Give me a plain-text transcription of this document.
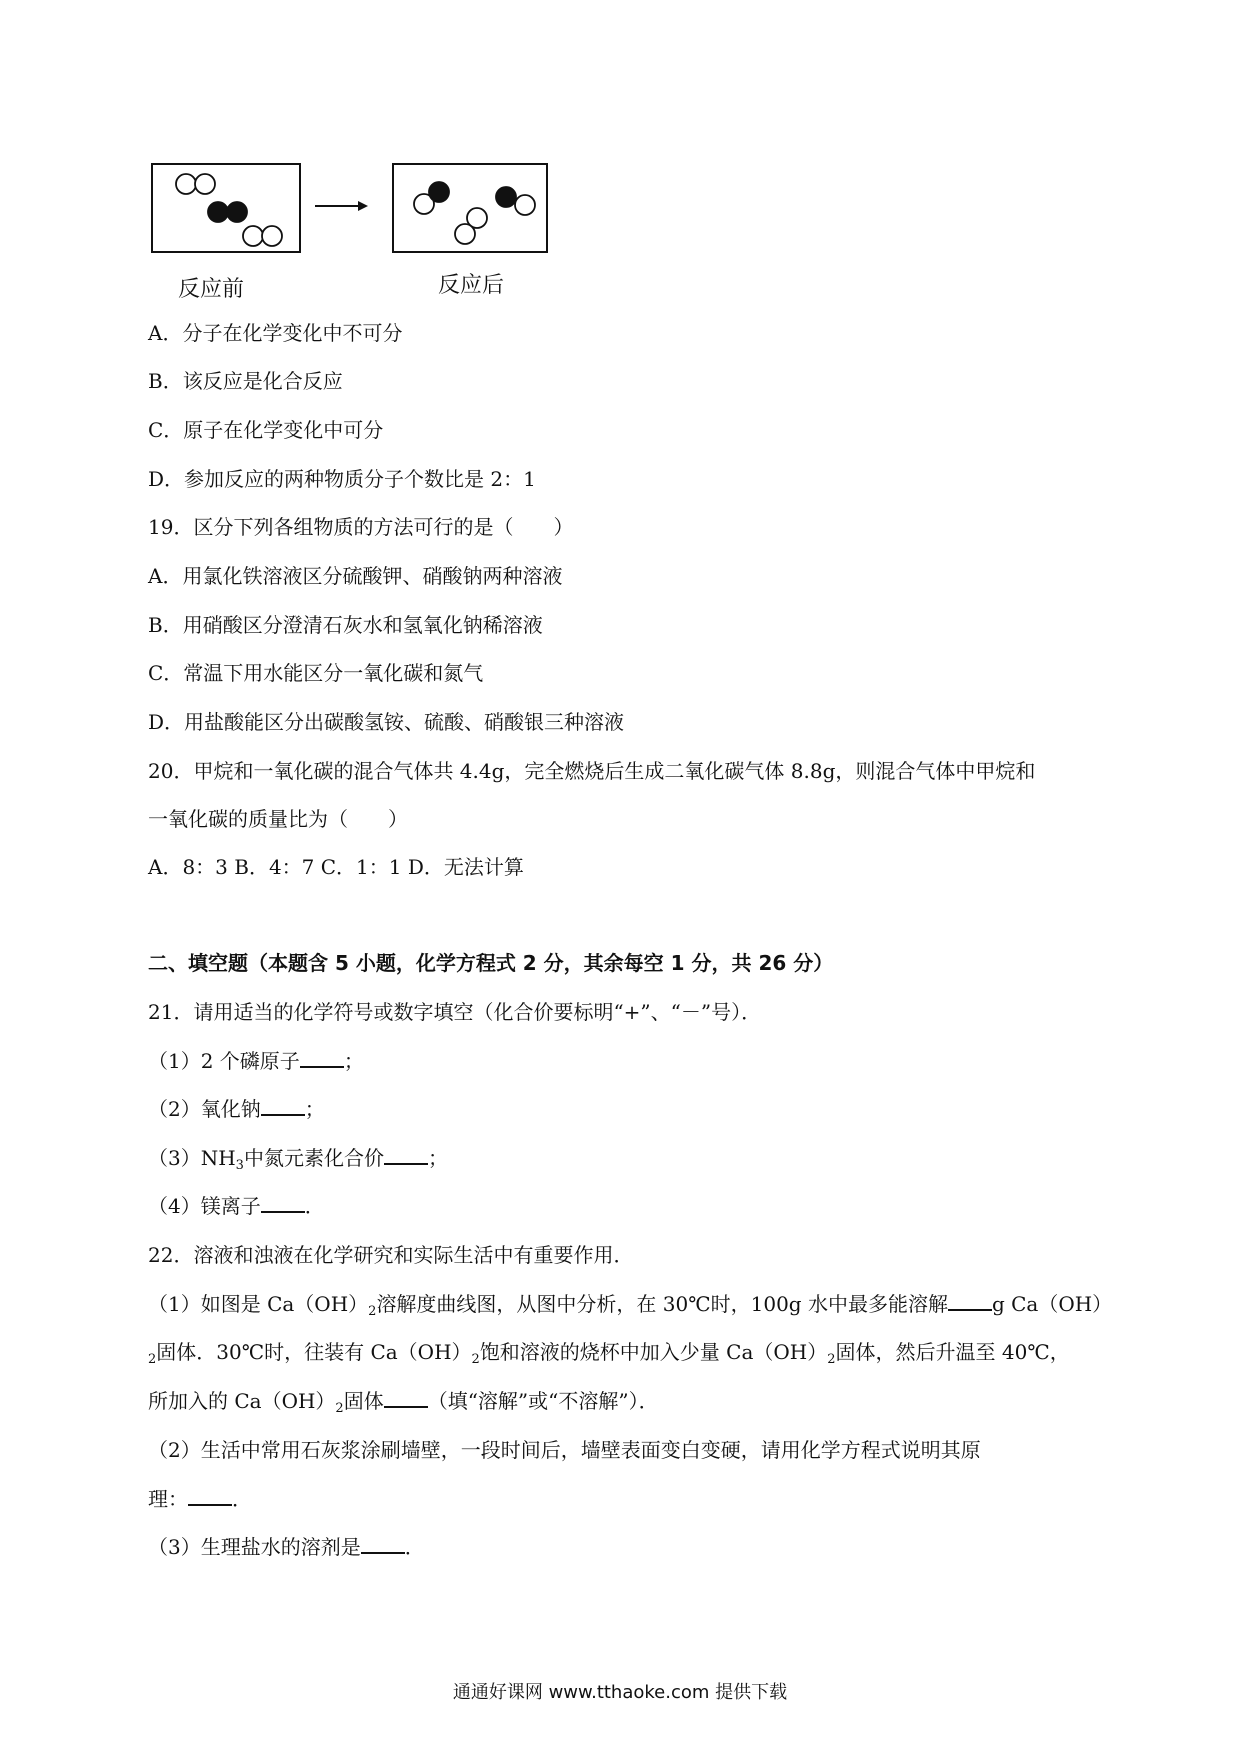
反应前	反应后
A．分子在化学变化中不可分
B．该反应是化合反应
C．原子在化学变化中可分
D．参加反应的两种物质分子个数比是 2：1
19．区分下列各组物质的方法可行的是（　　）
A．用氯化铁溶液区分硫酸钾、硝酸钠两种溶液
B．用硝酸区分澄清石灰水和氢氧化钠稀溶液
C．常温下用水能区分一氧化碳和氮气
D．用盐酸能区分出碳酸氢铵、硫酸、硝酸银三种溶液
20．甲烷和一氧化碳的混合气体共 4.4g，完全燃烧后生成二氧化碳气体 8.8g，则混合气体中甲烷和
一氧化碳的质量比为（　　）
A．8：3 B．4：7 C．1：1 D．无法计算
二、填空题（本题含 5 小题，化学方程式 2 分，其余每空 1 分，共 26 分）
21．请用适当的化学符号或数字填空（化合价要标明“+”、“－”号）．
（1）2 个磷原子 ；
（2）氧化钠 ；
$(3)NH_3$中氮元素化合价 ；
（4）镁离子 ．
22．溶液和浊液在化学研究和实际生活中有重要作用．
（1）如图是 $Ca(OH)_2$溶解度曲线图，从图中分析，在 30℃时，100g 水中最多能溶解 g Ca（OH）
$_2$固体．30℃时，往装有 $Ca(OH)_2$饱和溶液的烧杯中加入少量 $Ca(OH)_2$固体，然后升温至 40℃，
所加入的 $Ca(OH)_2$固体 （填“溶解”或“不溶解”）．
（2）生活中常用石灰浆涂刷墙壁，一段时间后，墙壁表面变白变硬，请用化学方程式说明其原
理： ．
（3）生理盐水的溶剂是 ．
通通好课网 www.tthaoke.com 提供下载
